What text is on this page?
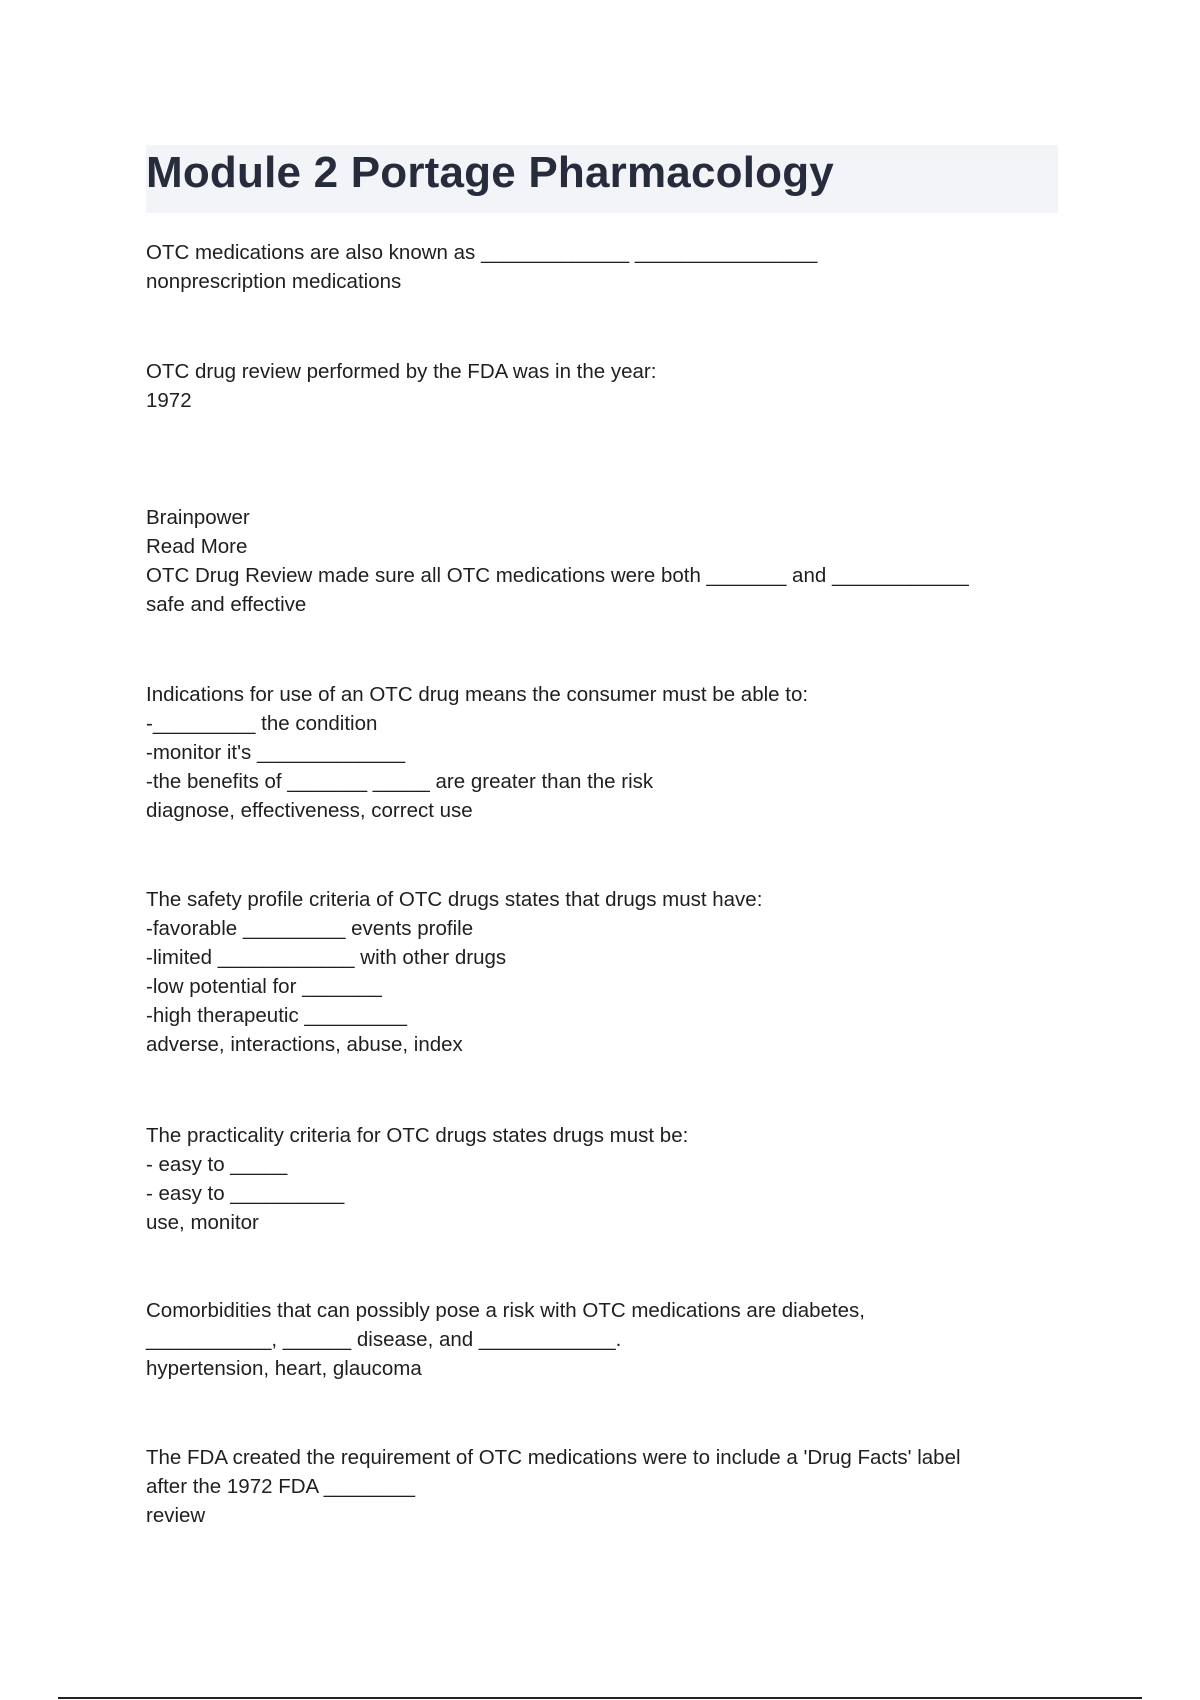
Module 2 Portage Pharmacology
OTC medications are also known as _____________ ________________
nonprescription medications
OTC drug review performed by the FDA was in the year:
1972
Brainpower
Read More
OTC Drug Review made sure all OTC medications were both _______ and ____________
safe and effective
Indications for use of an OTC drug means the consumer must be able to:
-_________ the condition
-monitor it's _____________
-the benefits of _______ _____ are greater than the risk
diagnose, effectiveness, correct use
The safety profile criteria of OTC drugs states that drugs must have:
-favorable _________ events profile
-limited ____________ with other drugs
-low potential for _______
-high therapeutic _________
adverse, interactions, abuse, index
The practicality criteria for OTC drugs states drugs must be:
- easy to _____
- easy to __________
use, monitor
Comorbidities that can possibly pose a risk with OTC medications are diabetes,
___________, ______ disease, and ____________.
hypertension, heart, glaucoma
The FDA created the requirement of OTC medications were to include a 'Drug Facts' label
after the 1972 FDA ________
review
